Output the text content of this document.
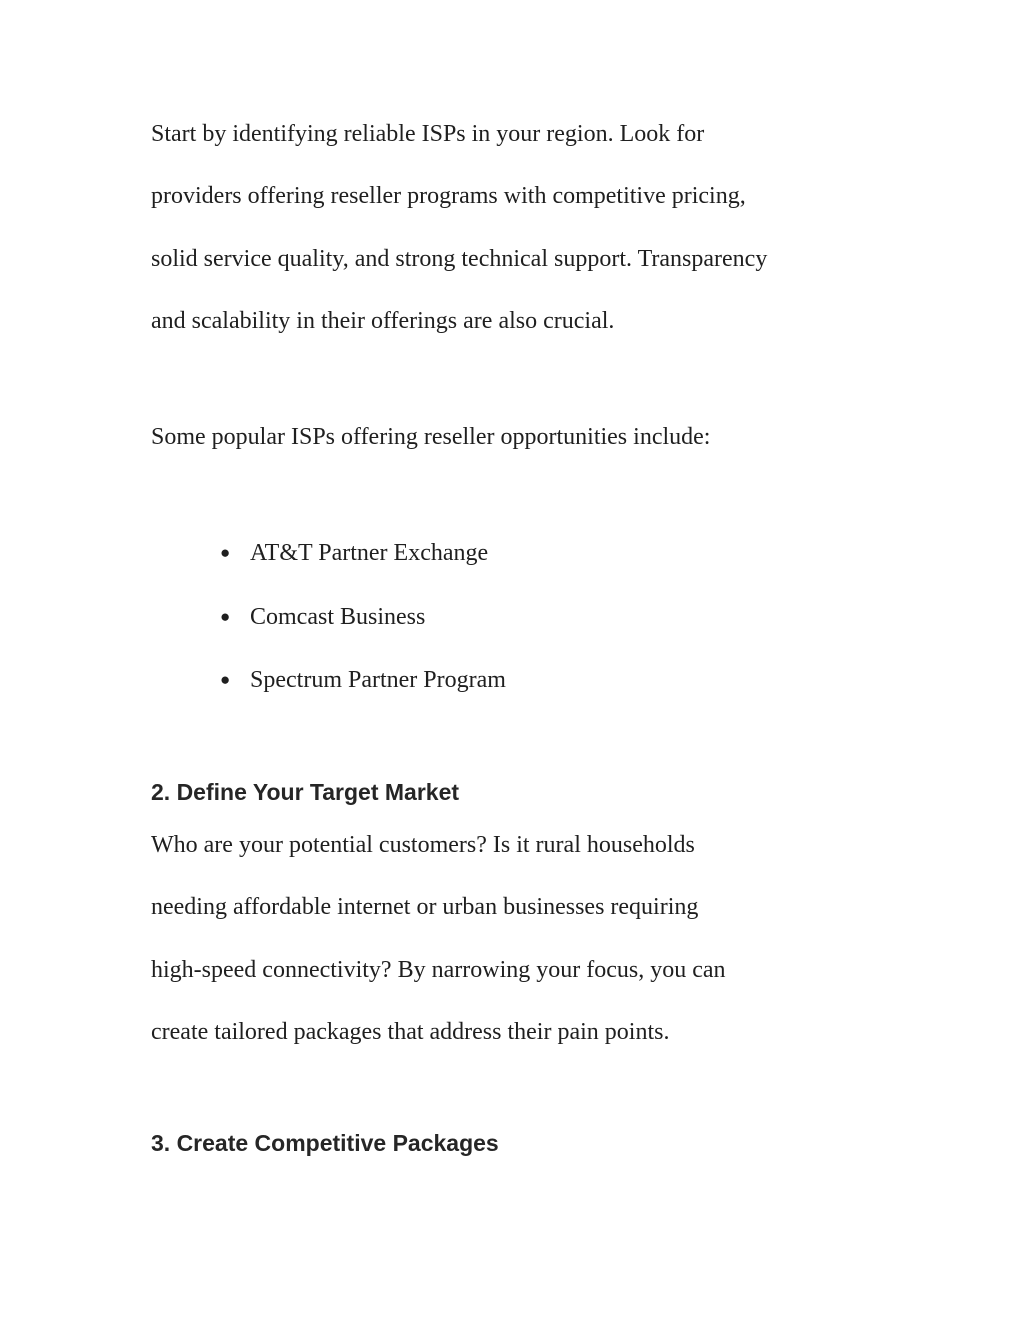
Start by identifying reliable ISPs in your region. Look for
providers offering reseller programs with competitive pricing,
solid service quality, and strong technical support. Transparency
and scalability in their offerings are also crucial.

Some popular ISPs offering reseller opportunities include:

● AT&T Partner Exchange
● Comcast Business
● Spectrum Partner Program
2. Define Your Target Market

Who are your potential customers? Is it rural households
needing affordable internet or urban businesses requiring
high-speed connectivity? By narrowing your focus, you can
create tailored packages that address their pain points.

3. Create Competitive Packages
